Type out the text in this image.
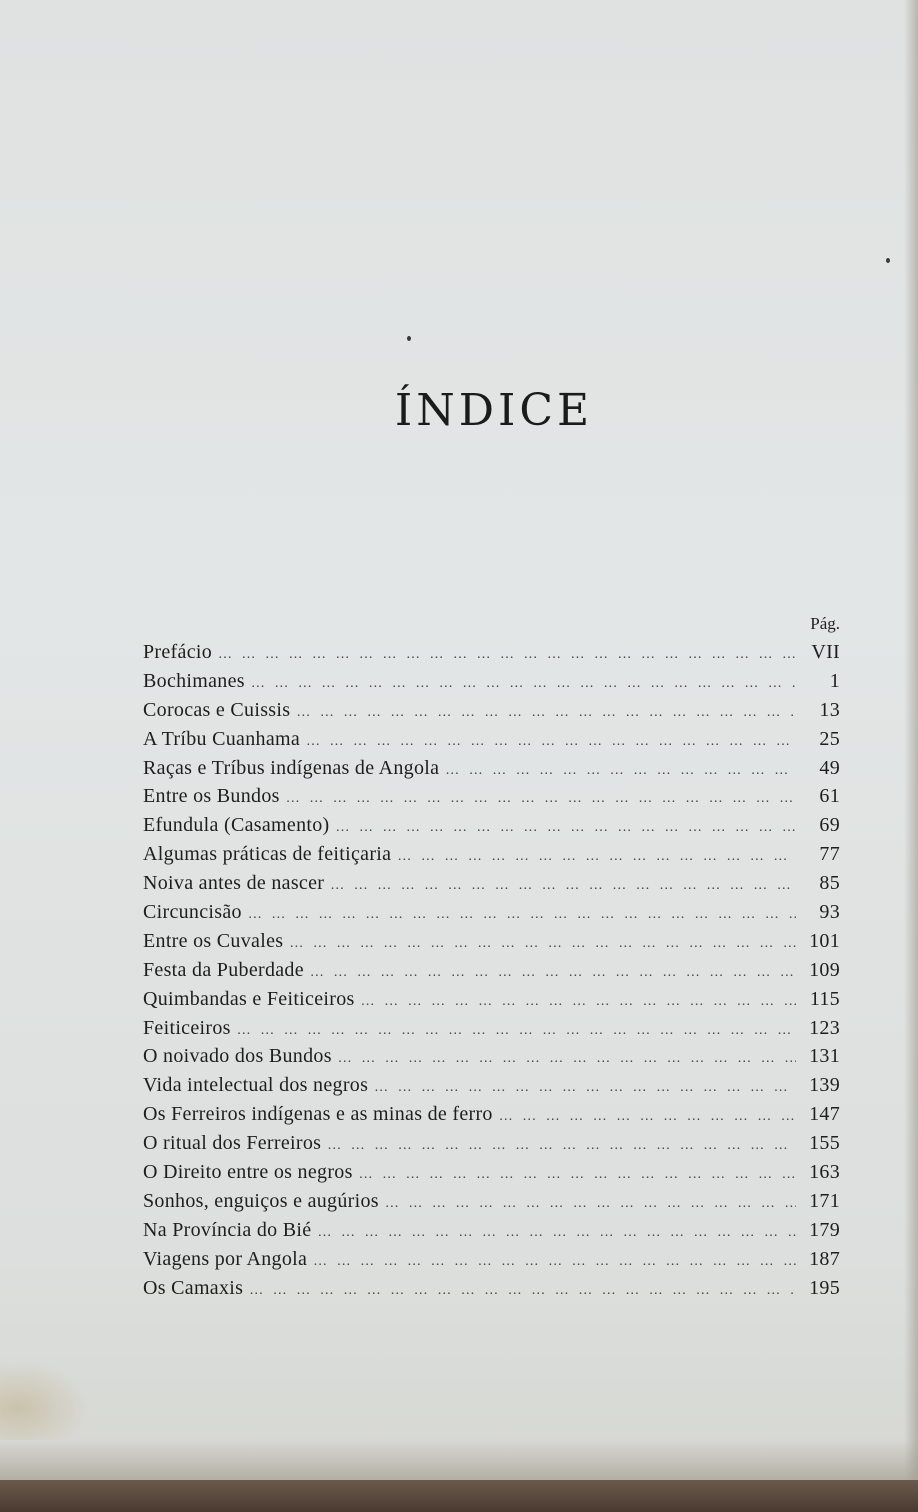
ÍNDICE
Pág.
Prefácio … … … … … … … … … … … … … … … … … … … … … … … … … … … … … … … … … … … … … … … … … …	VII
Bochimanes … … … … … … … … … … … … … … … … … … … … … … … … … … … … … … … … … … … … … … … … … …	1
Corocas e Cuissis … … … … … … … … … … … … … … … … … … … … … … … … … … … … … … … … … … … … … … … … … …	13
A Tríbu Cuanhama … … … … … … … … … … … … … … … … … … … … … … … … … … … … … … … … … … … … … … … … … …	25
Raças e Tríbus indígenas de Angola … … … … … … … … … … … … … … … … … … … … … … … … … … … … … … … … … … … … … … … … … …	49
Entre os Bundos … … … … … … … … … … … … … … … … … … … … … … … … … … … … … … … … … … … … … … … … … …	61
Efundula (Casamento) … … … … … … … … … … … … … … … … … … … … … … … … … … … … … … … … … … … … … … … … … …	69
Algumas práticas de feitiçaria … … … … … … … … … … … … … … … … … … … … … … … … … … … … … … … … … … … … … … … … … …	77
Noiva antes de nascer … … … … … … … … … … … … … … … … … … … … … … … … … … … … … … … … … … … … … … … … … …	85
Circuncisão … … … … … … … … … … … … … … … … … … … … … … … … … … … … … … … … … … … … … … … … … …	93
Entre os Cuvales … … … … … … … … … … … … … … … … … … … … … … … … … … … … … … … … … … … … … … … … … …	101
Festa da Puberdade … … … … … … … … … … … … … … … … … … … … … … … … … … … … … … … … … … … … … … … … … …	109
Quimbandas e Feiticeiros … … … … … … … … … … … … … … … … … … … … … … … … … … … … … … … … … … … … … … … … … …	115
Feiticeiros … … … … … … … … … … … … … … … … … … … … … … … … … … … … … … … … … … … … … … … … … …	123
O noivado dos Bundos … … … … … … … … … … … … … … … … … … … … … … … … … … … … … … … … … … … … … … … … … …	131
Vida intelectual dos negros … … … … … … … … … … … … … … … … … … … … … … … … … … … … … … … … … … … … … … … … … …	139
Os Ferreiros indígenas e as minas de ferro … … … … … … … … … … … … … … … … … … … … … … … … … … … … … … … … … … … … … … … … … …	147
O ritual dos Ferreiros … … … … … … … … … … … … … … … … … … … … … … … … … … … … … … … … … … … … … … … … … …	155
O Direito entre os negros … … … … … … … … … … … … … … … … … … … … … … … … … … … … … … … … … … … … … … … … … …	163
Sonhos, enguiços e augúrios … … … … … … … … … … … … … … … … … … … … … … … … … … … … … … … … … … … … … … … … … …	171
Na Província do Bié … … … … … … … … … … … … … … … … … … … … … … … … … … … … … … … … … … … … … … … … … …	179
Viagens por Angola … … … … … … … … … … … … … … … … … … … … … … … … … … … … … … … … … … … … … … … … … …	187
Os Camaxis … … … … … … … … … … … … … … … … … … … … … … … … … … … … … … … … … … … … … … … … … …	195
